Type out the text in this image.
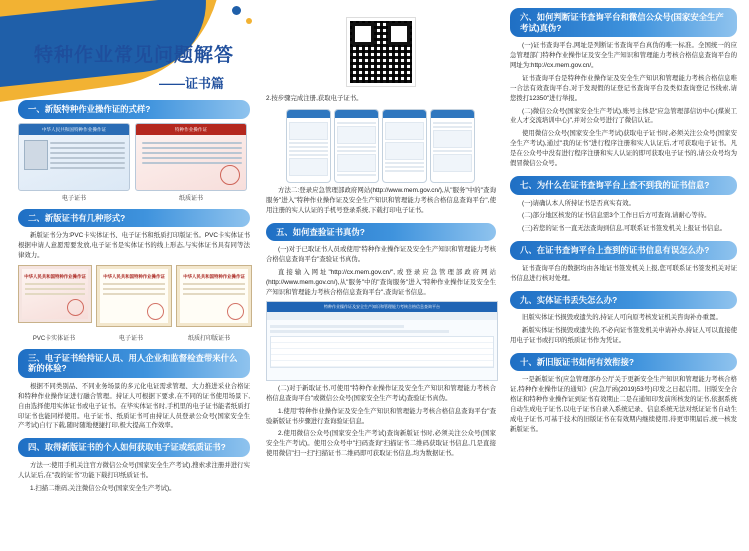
特种作业常见问题解答
——证书篇
一、新版特种作业操作证的式样?
中华人民共和国特种作业操作证
电子证书
特种作业操作证
纸质证书
二、新版证书有几种形式?

新版证书分为:PVC卡实体证书、电子证书和纸质打印版证书。PVC卡实体证书根据申请人意愿需要发放,电子证书是实体证书的线上形态,与实体证书具有同等法律效力。

中华人民共和国特种作业操作证	中华人民共和国特种作业操作证	中华人民共和国特种作业操作证
PVC卡实体证书	电子证书	纸质打印版证书
三、电子证书给持证人员、用人企业和监督检查带来什么新的体验?

根据不同类别品、不同业务场景的多元化电证需求管理、大力推进采业合格证和特种作业操作证进行融合管理。持证人可根据下要求,在不同的证书使用场景下,自由选择使用实体证书或电子证书。在毕实体证书时,手机里的电子证书能者纸质打印证书也能同样使用。电子证书、纸质证书可由持证人员登录公众号(国家安全生产考试)自行下载,随时随地便捷打印,极大提高工作效率。

四、取得新版证书的个人如何获取电子证或纸质证书?

方法一:使用手机关注官方微信公众号(国家安全生产考试),搜索求注册并进行实人认证后,在"我的证书"功能下载打印纸质证书。

1.扫描二维码,关注微信公众号(国家安全生产考试)。

2.按步骤完成注册,获取电子证书。

方法二:登录应急管理部政府网站(http://www.mem.gov.cn/),从"服务"中的"查询服务"进入"特种作业操作证及安全生产知识和管理能力考核合格信息查询平台",使用注册的实人认证的手机号登录系统,下载打印电子证书。

五、如何查验证书真伪?

(一)对于已取证书人员或使用"特种作业操作证及安全生产知识和管理能力考核合格信息查询平台"查验证书真伪。

直接输入网址"http://cx.mem.gov.cn/",或登录应急管理部政府网站(http://www.mem.gov.cn/),从"服务"中的"查询服务"进入"特种作业操作证及安全生产知识和管理能力考核合格信息查询平台",查询证书信息。

特种作业操作证及安全生产知识和管理能力考核合格信息查询平台

(二)对于新取证书,可使用"特种作业操作证及安全生产知识和管理能力考核合格信息查询平台"或微信公众号(国家安全生产考试)查验证书真伪。

1.使用"特种作业操作证及安全生产知识和管理能力考核合格信息查询平台"查验新版证书步骤进行查询验证信息。

2.使用微信公众号(国家安全生产考试)查询新版证书时,必须关注公众号(国家安全生产考试)。使用公众号中"扫码查询"扫描证书二维码获取证书信息,几是直接使用微信"扫一扫"扫描证书二维码即可获取证书信息,均为数据证书。

六、如何判断证书查询平台和微信公众号(国家安全生产考试)真伪?

(一)证书查询平台,网址是列断证书查询平台真伪的唯一标准。全国统一的应急管理部门特种作业操作证及安全生产知识和管理能力考核合格信息查询平台的网址为:http://cx.mem.gov.cn/。

证书查询平台是特种作业操作证及安全生产知识和管理能力考核合格信息唯一合法有效查询平台,对于发现假的证登记书查询平台及类似查询登记书线索,请您拨打12350"进行举报。

(二)微信公众号(国家安全生产考试),账号主体是"应急管理部信访中心(煤炭工业人才交流培训中心)",并对公众号进行了微信认证。

使用微信公众号(国家安全生产考试)获取电子证书时,必须关注公众号(国家安全生产考试),通过"我的证书"进行程序注册和实人认证后,才可获取电子证书。凡是在公众号中没有进行程序注册和实人认证的即可获取电子证书的,请公众号均为假冒微信公众号。

七、为什么在证书查询平台上查不到我的证书信息?

(一)请确认本人所持证书是否真实有效。

(二)部分地区核发的证书信息需3个工作日后方可查询,请耐心等待。

(三)若您的证书一直无法查询到信息,可联系证书签发机关上报证书信息。

八、在证书查询平台上查到的证书信息有误怎么办?

证书查询平台的数据均由各地证书签发机关上报,您可联系证书签发机关对证书信息进行核对处理。

九、实体证书丢失怎么办?

旧版实体证书损毁或遗失的,持证人可向原考核发证机关咨询补办重置。

新版实体证书损毁或遗失的,不必向证书签发机关申请补办,持证人可以直接使用电子证书或打印的纸质证书作为凭证。

十、新旧版证书如何有效衔接?

一是新版证书(应急管理部办公厅关于更新安全生产知识和管理能力考核合格证,特种作业操作证的通知》(应急厅函(2019)53号)印发之日起启用。旧版安全合格证和特种作业操作证到证书有效期止二是在通知印发前所核发的证书,依据系统自动生成电子证书,以电子证书自录入系统记录、信息系统无法对纸证证书自动生成电子证书,可基于技术的旧版证书在有效期内继续使用,待更审期届后,统一核发新版证书。
